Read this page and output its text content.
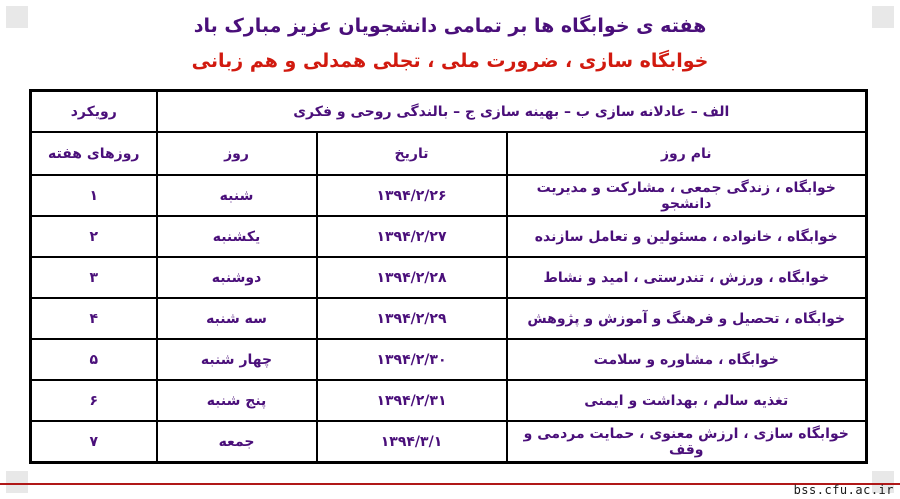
هفته ی خوابگاه ها بر تمامی دانشجویان عزیز مبارک باد
خوابگاه سازی ، ضرورت ملی ، تجلی همدلی و هم زبانی
الف – عادلانه سازی ب – بهینه سازی ج – بالندگی روحی و فکری			رویکرد
نام روز	تاریخ	روز	روزهای هفته
خوابگاه ، زندگی جمعی ، مشارکت و مدیریت دانشجو	۱۳۹۴/۲/۲۶	شنبه	۱
خوابگاه ، خانواده ، مسئولین و تعامل سازنده	۱۳۹۴/۲/۲۷	یکشنبه	۲
خوابگاه ، ورزش ، تندرستی ، امید و نشاط	۱۳۹۴/۲/۲۸	دوشنبه	۳
خوابگاه ، تحصیل و فرهنگ و آموزش و پژوهش	۱۳۹۴/۲/۲۹	سه شنبه	۴
خوابگاه ، مشاوره و سلامت	۱۳۹۴/۲/۳۰	چهار شنبه	۵
تغذیه سالم ، بهداشت و ایمنی	۱۳۹۴/۲/۳۱	پنج شنبه	۶
خوابگاه سازی ، ارزش معنوی ، حمایت مردمی و وقف	۱۳۹۴/۳/۱	جمعه	۷
bss.cfu.ac.ir
